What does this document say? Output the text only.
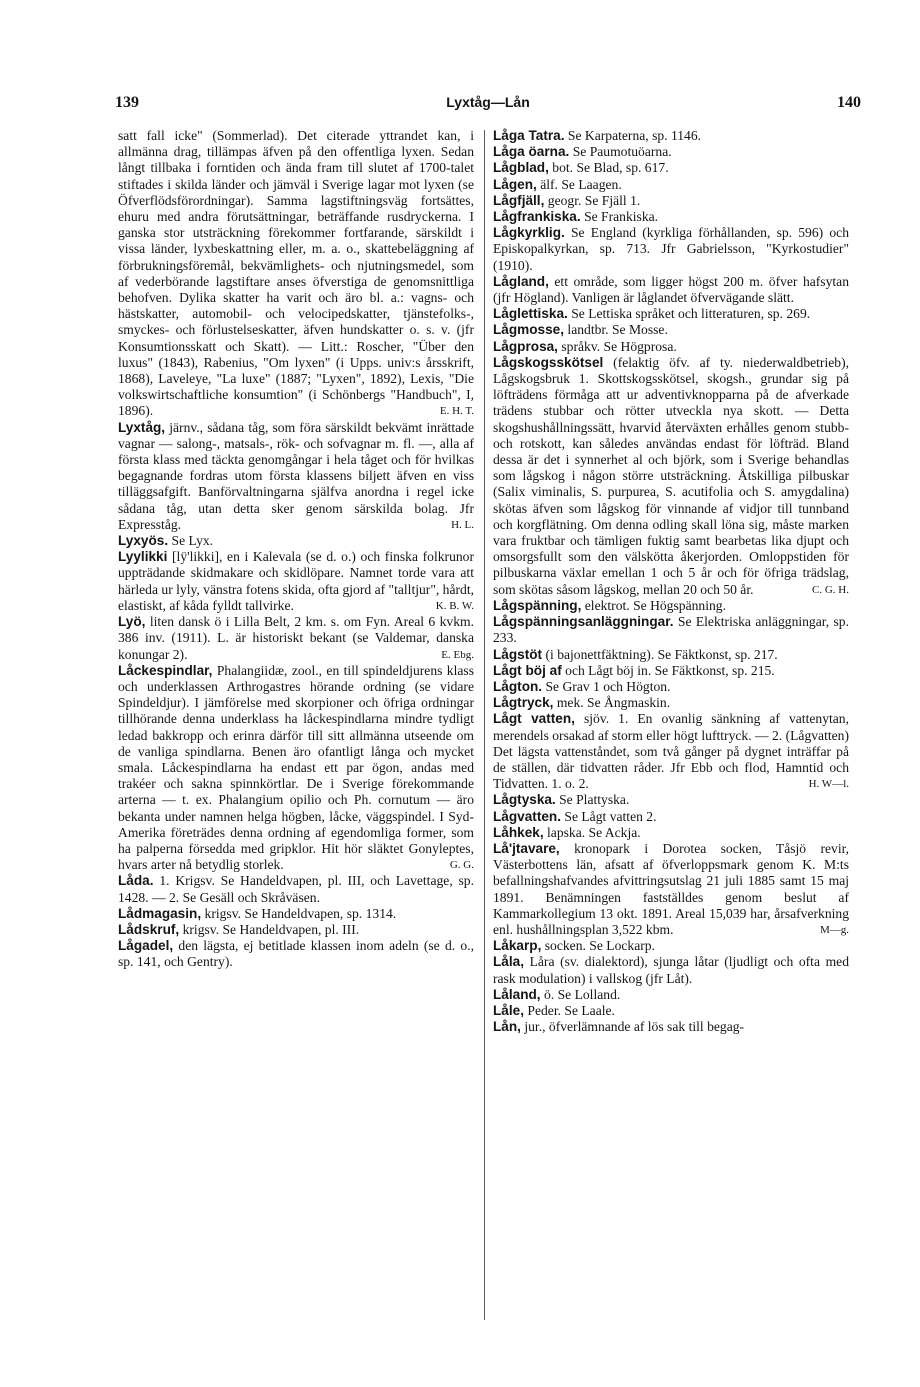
139	Lyxtåg—Lån	140

satt fall icke" (Sommerlad). Det citerade yttrandet kan, i allmänna drag, tillämpas äfven på den offentliga lyxen. Sedan långt tillbaka i forntiden och ända fram till slutet af 1700-talet stiftades i skilda länder och jämväl i Sverige lagar mot lyxen (se Öfverflödsförordningar). Samma lagstiftningsväg fortsättes, ehuru med andra förutsättningar, beträffande rusdryckerna. I ganska stor utsträckning förekommer fortfarande, särskildt i vissa länder, lyxbeskattning eller, m. a. o., skattebeläggning af förbrukningsföremål, bekvämlighets- och njutningsmedel, som af vederbörande lagstiftare anses öfverstiga de genomsnittliga behofven. Dylika skatter ha varit och äro bl. a.: vagns- och hästskatter, automobil- och velocipedskatter, tjänstefolks-, smyckes- och förlustelseskatter, äfven hundskatter o. s. v. (jfr Konsumtionsskatt och Skatt). — Litt.: Roscher, "Über den luxus" (1843), Rabenius, "Om lyxen" (i Upps. univ:s årsskrift, 1868), Laveleye, "La luxe" (1887; "Lyxen", 1892), Lexis, "Die volkswirtschaftliche konsumtion" (i Schönbergs "Handbuch", I, 1896).	E. H. T.

Lyxtåg, järnv., sådana tåg, som föra särskildt bekvämt inrättade vagnar — salong-, matsals-, rök- och sofvagnar m. fl. —, alla af första klass med täckta genomgångar i hela tåget och för hvilkas begagnande fordras utom första klassens biljett äfven en viss tilläggsafgift. Banförvaltningarna själfva anordna i regel icke sådana tåg, utan detta sker genom särskilda bolag. Jfr Expresståg.	H. L.

Lyxyös. Se Lyx.

Lyylikki [lÿ'likki], en i Kalevala (se d. o.) och finska folkrunor uppträdande skidmakare och skidlöpare. Namnet torde vara att härleda ur lyly, vänstra fotens skida, ofta gjord af "talltjur", hårdt, elastiskt, af kåda fylldt tallvirke.	K. B. W.

Lyö, liten dansk ö i Lilla Belt, 2 km. s. om Fyn. Areal 6 kvkm. 386 inv. (1911). L. är historiskt bekant (se Valdemar, danska konungar 2).	E. Ebg.

Låckespindlar, Phalangiidæ, zool., en till spindeldjurens klass och underklassen Arthrogastres hörande ordning (se vidare Spindeldjur). I jämförelse med skorpioner och öfriga ordningar tillhörande denna underklass ha låckespindlarna mindre tydligt ledad bakkropp och erinra därför till sitt allmänna utseende om de vanliga spindlarna. Benen äro ofantligt långa och mycket smala. Låckespindlarna ha endast ett par ögon, andas med trakéer och sakna spinnkörtlar. De i Sverige förekommande arterna — t. ex. Phalangium opilio och Ph. cornutum — äro bekanta under namnen helga högben, låcke, väggspindel. I Syd-Amerika företrädes denna ordning af egendomliga former, som ha palperna försedda med gripklor. Hit hör släktet Gonyleptes, hvars arter nå betydlig storlek.	G. G.

Låda. 1. Krigsv. Se Handeldvapen, pl. III, och Lavettage, sp. 1428. — 2. Se Gesäll och Skråväsen.

Lådmagasin, krigsv. Se Handeldvapen, sp. 1314.

Lådskruf, krigsv. Se Handeldvapen, pl. III.

Lågadel, den lägsta, ej betitlade klassen inom adeln (se d. o., sp. 141, och Gentry).

Låga Tatra. Se Karpaterna, sp. 1146.

Låga öarna. Se Paumotuöarna.

Lågblad, bot. Se Blad, sp. 617.

Lågen, älf. Se Laagen.

Lågfjäll, geogr. Se Fjäll 1.

Lågfrankiska. Se Frankiska.

Lågkyrklig. Se England (kyrkliga förhållanden, sp. 596) och Episkopalkyrkan, sp. 713. Jfr Gabrielsson, "Kyrkostudier" (1910).

Lågland, ett område, som ligger högst 200 m. öfver hafsytan (jfr Högland). Vanligen är låglandet öfvervägande slätt.

Låglettiska. Se Lettiska språket och litteraturen, sp. 269.

Lågmosse, landtbr. Se Mosse.

Lågprosa, språkv. Se Högprosa.

Lågskogsskötsel (felaktig öfv. af ty. niederwaldbetrieb), Lågskogsbruk 1. Skottskogsskötsel, skogsh., grundar sig på löfträdens förmåga att ur adventivknopparna på de afverkade trädens stubbar och rötter utveckla nya skott. — Detta skogshushållningssätt, hvarvid återväxten erhålles genom stubb- och rotskott, kan således användas endast för löfträd. Bland dessa är det i synnerhet al och björk, som i Sverige behandlas som lågskog i någon större utsträckning. Åtskilliga pilbuskar (Salix viminalis, S. purpurea, S. acutifolia och S. amygdalina) skötas äfven som lågskog för vinnande af vidjor till tunnband och korgflätning. Om denna odling skall löna sig, måste marken vara fruktbar och tämligen fuktig samt bearbetas lika djupt och omsorgsfullt som den välskötta åkerjorden. Omloppstiden för pilbuskarna växlar emellan 1 och 5 år och för öfriga trädslag, som skötas såsom lågskog, mellan 20 och 50 år.	C. G. H.

Lågspänning, elektrot. Se Högspänning.

Lågspänningsanläggningar. Se Elektriska anläggningar, sp. 233.

Lågstöt (i bajonettfäktning). Se Fäktkonst, sp. 217.

Lågt böj af och Lågt böj in. Se Fäktkonst, sp. 215.

Lågton. Se Grav 1 och Högton.

Lågtryck, mek. Se Ångmaskin.

Lågt vatten, sjöv. 1. En ovanlig sänkning af vattenytan, merendels orsakad af storm eller högt lufttryck. — 2. (Lågvatten) Det lägsta vattenståndet, som två gånger på dygnet inträffar på de ställen, där tidvatten råder. Jfr Ebb och flod, Hamntid och Tidvatten. 1. o. 2.	H. W—l.

Lågtyska. Se Plattyska.

Lågvatten. Se Lågt vatten 2.

Låhkek, lapska. Se Ackja.

Lå'jtavare, kronopark i Dorotea socken, Tåsjö revir, Västerbottens län, afsatt af öfverloppsmark genom K. M:ts befallningshafvandes afvittringsutslag 21 juli 1885 samt 15 maj 1891. Benämningen fastställdes genom beslut af Kammarkollegium 13 okt. 1891. Areal 15,039 har, årsafverkning enl. hushållningsplan 3,522 kbm.	M—g.

Låkarp, socken. Se Lockarp.

Låla, Låra (sv. dialektord), sjunga låtar (ljudligt och ofta med rask modulation) i vallskog (jfr Låt).

Låland, ö. Se Lolland.

Låle, Peder. Se Laale.

Lån, jur., öfverlämnande af lös sak till begag-
